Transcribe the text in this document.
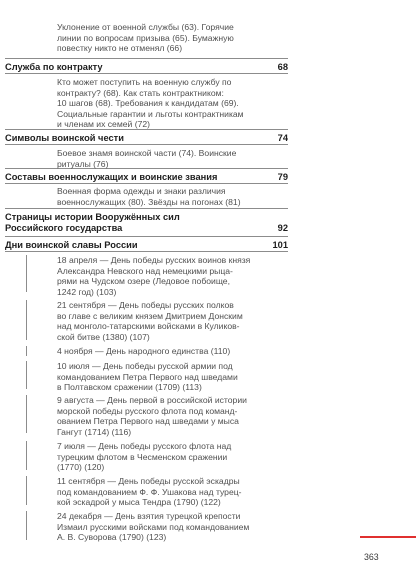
Уклонение от военной службы (63). Горячие
линии по вопросам призыва (65). Бумажную
повестку никто не отменял (66)
Служба по контракту	68
Кто может поступить на военную службу по
контракту? (68). Как стать контрактником:
10 шагов (68). Требования к кандидатам (69).
Социальные гарантии и льготы контрактникам
и членам их семей (72)
Символы воинской чести	74
Боевое знамя воинской части (74). Воинские
ритуалы (76)
Составы военнослужащих и воинские звания	79
Военная форма одежды и знаки различия
военнослужащих (80). Звёзды на погонах (81)
Страницы истории Вооружённых сил
Российского государства	92
Дни воинской славы России	101
18 апреля — День победы русских воинов князя
Александра Невского над немецкими рыца-
рями на Чудском озере (Ледовое побоище,
1242 год) (103)
21 сентября — День победы русских полков
во главе с великим князем Дмитрием Донским
над монголо-татарскими войсками в Куликов-
ской битве (1380) (107)
4 ноября — День народного единства (110)
10 июля — День победы русской армии под
командованием Петра Первого над шведами
в Полтавском сражении (1709) (113)
9 августа — День первой в российской истории
морской победы русского флота под команд-
ованием Петра Первого над шведами у мыса
Гангут (1714) (116)
7 июля — День победы русского флота над
турецким флотом в Чесменском сражении
(1770) (120)
11 сентября — День победы русской эскадры
под командованием Ф. Ф. Ушакова над турец-
кой эскадрой у мыса Тендра (1790) (122)
24 декабря — День взятия турецкой крепости
Измаил русскими войсками под командованием
А. В. Суворова (1790) (123)
363
